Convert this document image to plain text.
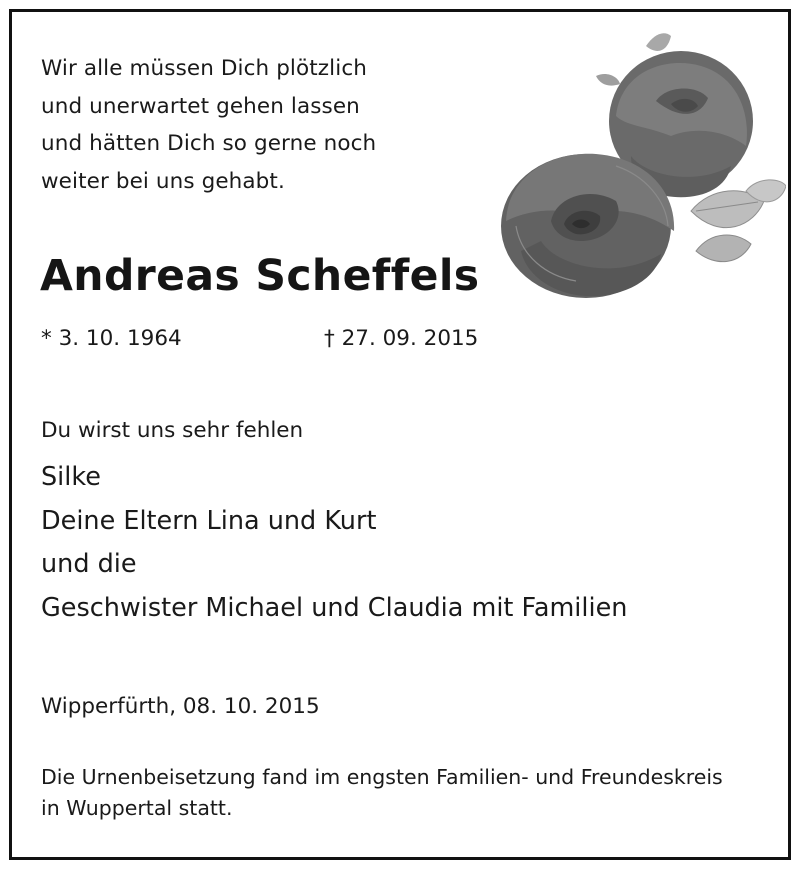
Wir alle müssen Dich plötzlich
und unerwartet gehen lassen
und hätten Dich so gerne noch
weiter bei uns gehabt.
Andreas Scheffels
* 3. 10. 1964	† 27. 09. 2015
Du wirst uns sehr fehlen
Silke
Deine Eltern Lina und Kurt
und die
Geschwister Michael und Claudia mit Familien
Wipperfürth, 08. 10. 2015
Die Urnenbeisetzung fand im engsten Familien- und Freundeskreis
in Wuppertal statt.
